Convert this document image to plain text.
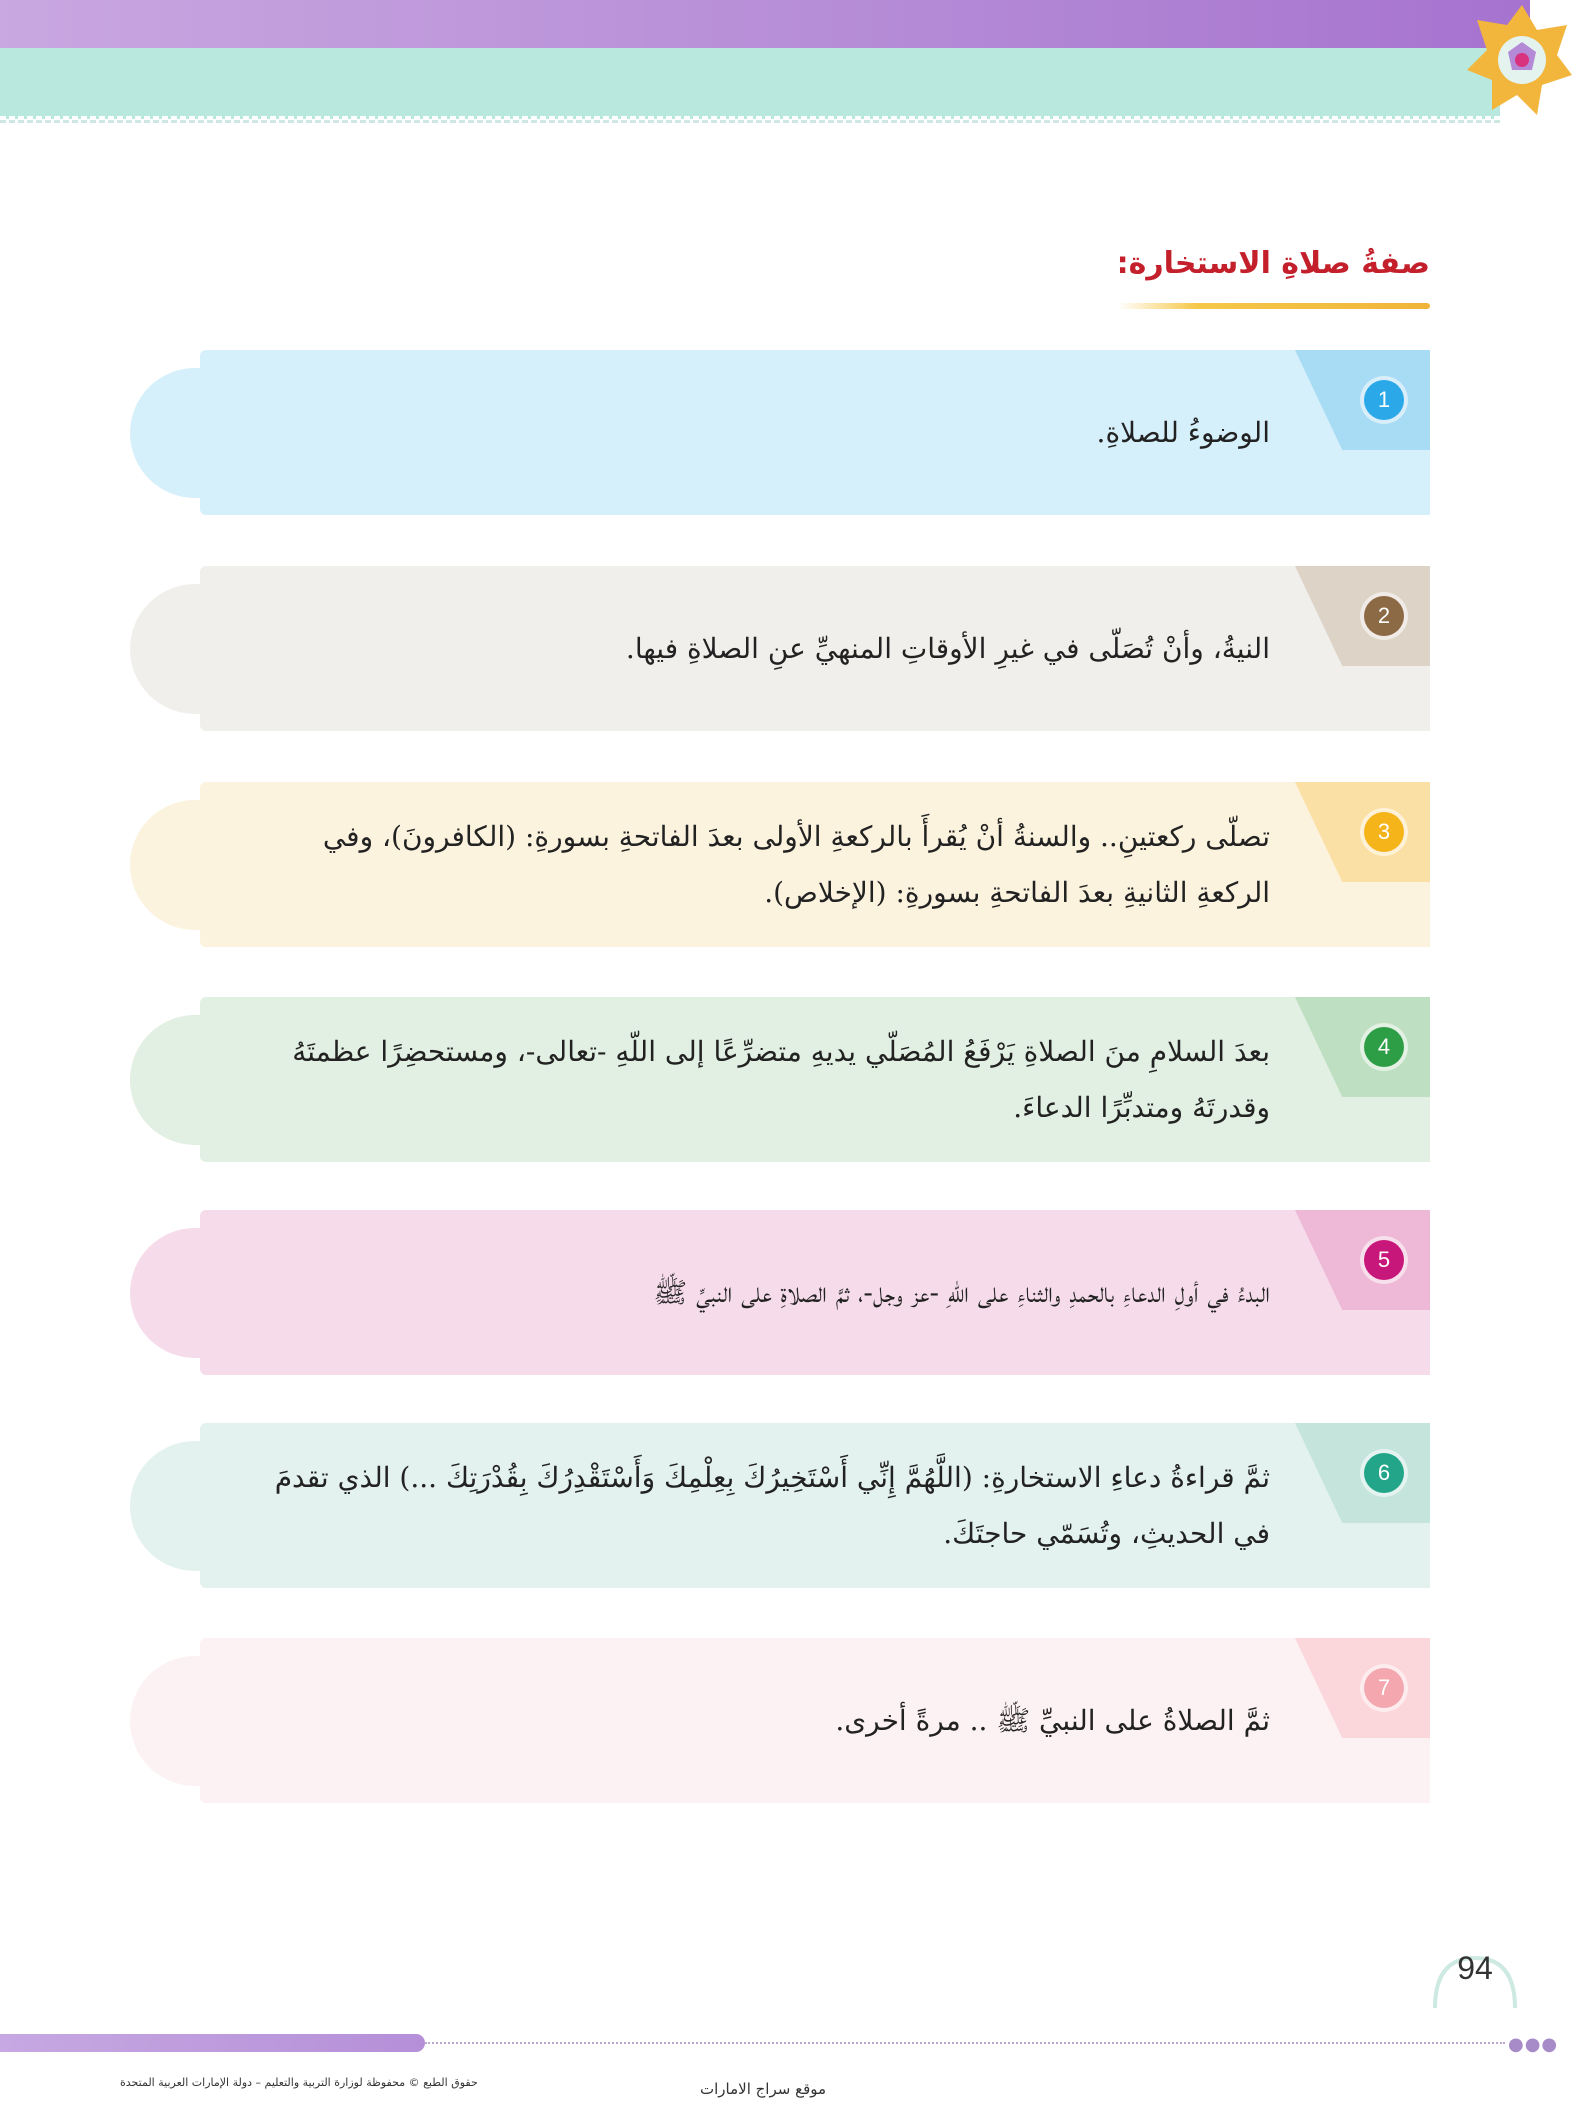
صفةُ صلاةِ الاستخارة:
1
الوضوءُ للصلاةِ.
2
النيةُ، وأنْ تُصَلّى في غيرِ الأوقاتِ المنهيِّ عنِ الصلاةِ فيها.
3
تصلّى ركعتينِ.. والسنةُ أنْ يُقرأَ بالركعةِ الأولى بعدَ الفاتحةِ بسورةِ: (الكافرونَ)، وفي الركعةِ الثانيةِ بعدَ الفاتحةِ بسورةِ: (الإخلاص).
4
بعدَ السلامِ منَ الصلاةِ يَرْفَعُ المُصَلّي يديهِ متضرِّعًا إلى اللّهِ -تعالى-، ومستحضِرًا عظمتَهُ وقدرتَهُ ومتدبِّرًا الدعاءَ.
5
البدءُ في أولِ الدعاءِ بالحمدِ والثناءِ على اللّهِ -عز وجل-، ثمَّ الصلاةِ على النبيِّ ﷺ
6
ثمَّ قراءةُ دعاءِ الاستخارةِ: (اللَّهُمَّ إِنِّي أَسْتَخِيرُكَ بِعِلْمِكَ وَأَسْتَقْدِرُكَ بِقُدْرَتِكَ ...) الذي تقدمَ في الحديثِ، وتُسَمّي حاجتَكَ.
7
ثمَّ الصلاةُ على النبيِّ ﷺ .. مرةً أخرى.
94
●●●
حقوق الطبع © محفوظة لوزارة التربية والتعليم – دولة الإمارات العربية المتحدة	موقع سراج الامارات
